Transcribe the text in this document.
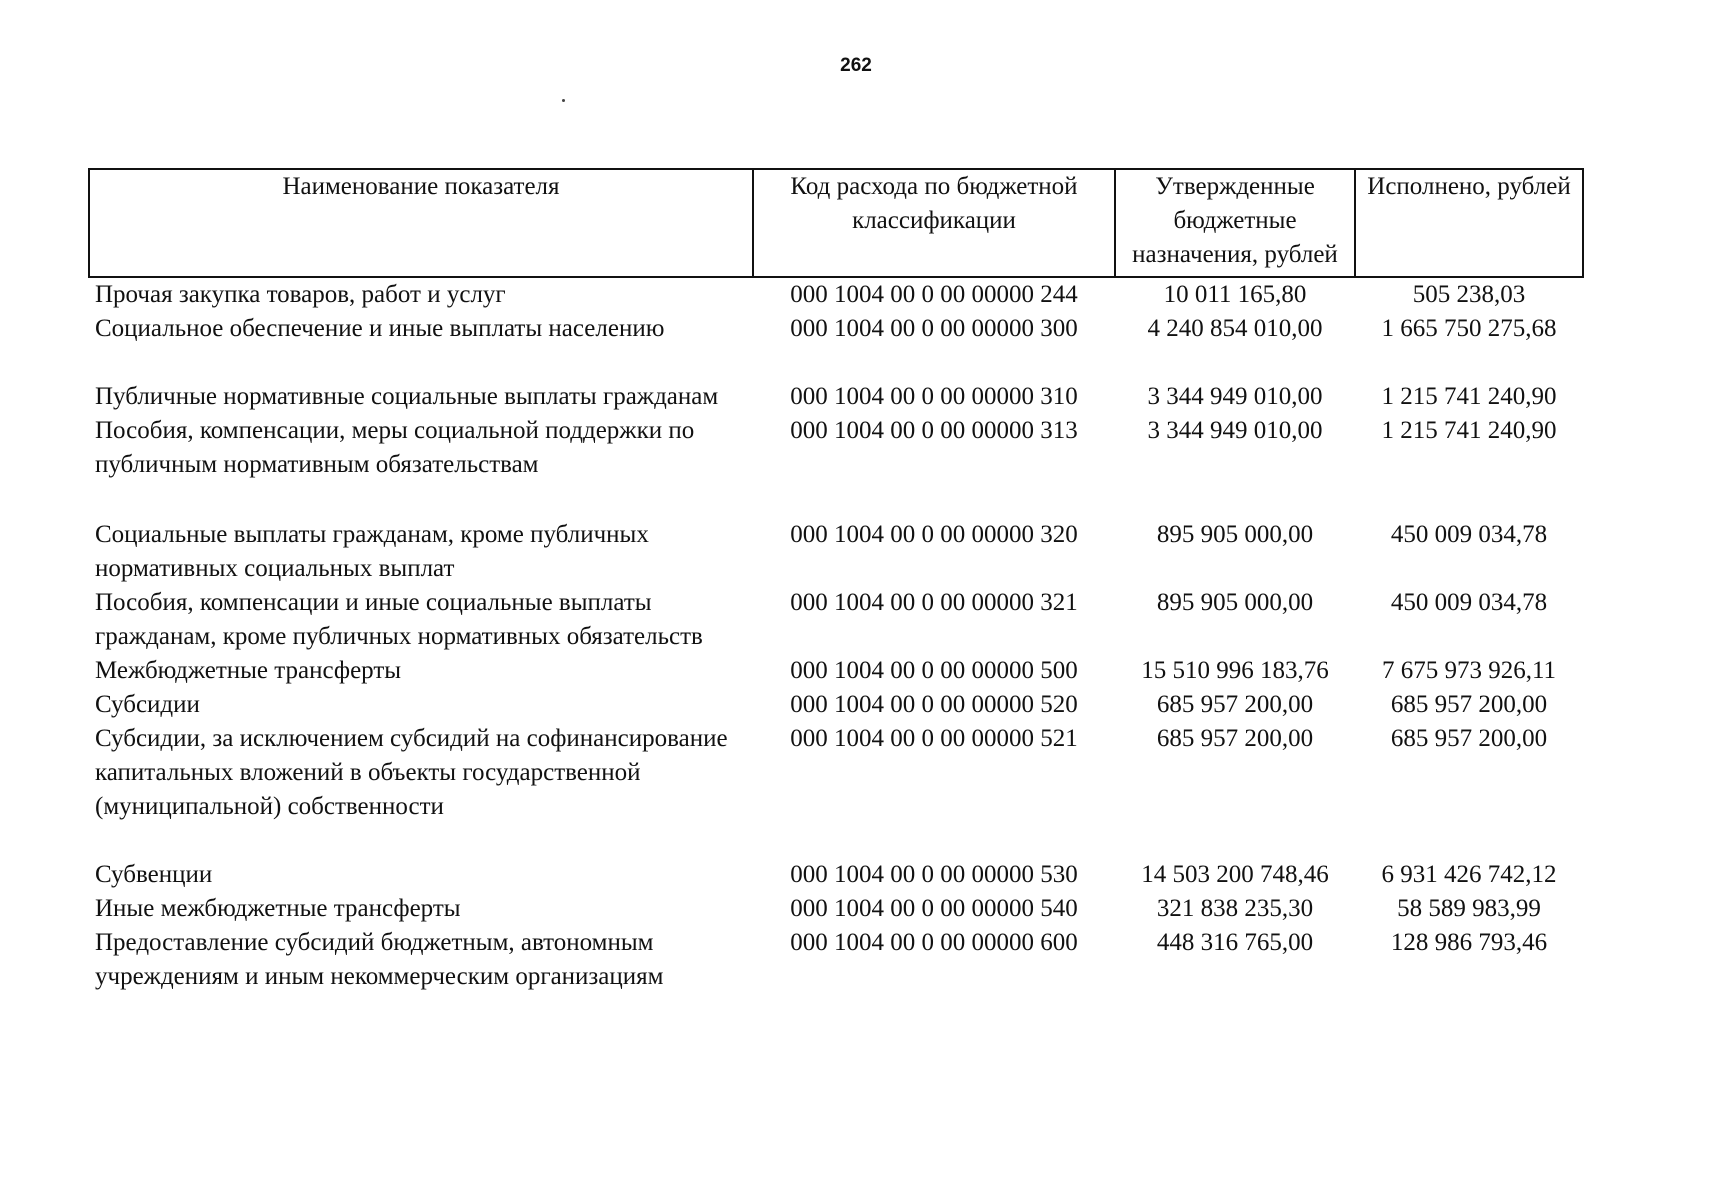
262
Наименование показателя	Код расхода по бюджетной классификации	Утвержденные бюджетные назначения, рублей	Исполнено, рублей
Прочая закупка товаров, работ и услуг	000 1004 00 0 00 00000 244	10 011 165,80	505 238,03
Социальное обеспечение и иные выплаты населению	000 1004 00 0 00 00000 300	4 240 854 010,00	1 665 750 275,68
Публичные нормативные социальные выплаты гражданам	000 1004 00 0 00 00000 310	3 344 949 010,00	1 215 741 240,90
Пособия, компенсации, меры социальной поддержки по публичным нормативным обязательствам	000 1004 00 0 00 00000 313	3 344 949 010,00	1 215 741 240,90
Социальные выплаты гражданам, кроме публичных нормативных социальных выплат	000 1004 00 0 00 00000 320	895 905 000,00	450 009 034,78
Пособия, компенсации и иные социальные выплаты гражданам, кроме публичных нормативных обязательств	000 1004 00 0 00 00000 321	895 905 000,00	450 009 034,78
Межбюджетные трансферты	000 1004 00 0 00 00000 500	15 510 996 183,76	7 675 973 926,11
Субсидии	000 1004 00 0 00 00000 520	685 957 200,00	685 957 200,00
Субсидии, за исключением субсидий на софинансирование капитальных вложений в объекты государственной (муниципальной) собственности	000 1004 00 0 00 00000 521	685 957 200,00	685 957 200,00
Субвенции	000 1004 00 0 00 00000 530	14 503 200 748,46	6 931 426 742,12
Иные межбюджетные трансферты	000 1004 00 0 00 00000 540	321 838 235,30	58 589 983,99
Предоставление субсидий бюджетным, автономным учреждениям и иным некоммерческим организациям	000 1004 00 0 00 00000 600	448 316 765,00	128 986 793,46
